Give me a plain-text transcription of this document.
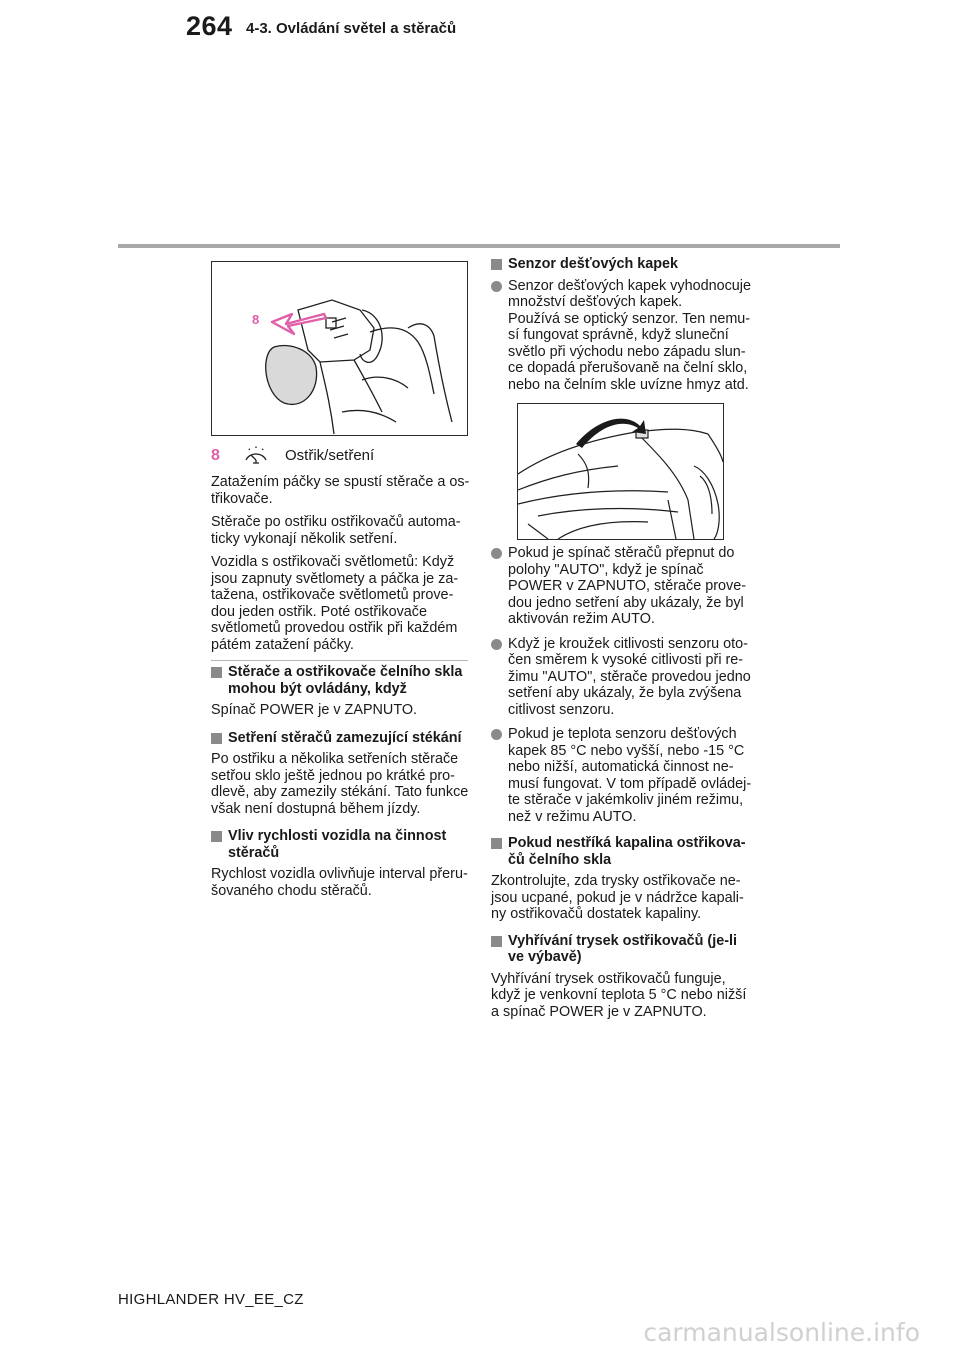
264 4-3. Ovládání světel a stěračů
8
8	Ostřik/setření

Zatažením páčky se spustí stěrače a os-
třikovače.

Stěrače po ostřiku ostřikovačů automa-
ticky vykonají několik setření.

Vozidla s ostřikovači světlometů: Když
jsou zapnuty světlomety a páčka je za-
tažena, ostřikovače světlometů prove-
dou jeden ostřik. Poté ostřikovače
světlometů provedou ostřik při každém
pátém zatažení páčky.

Stěrače a ostřikovače čelního skla
mohou být ovládány, když

Spínač POWER je v ZAPNUTO.

Setření stěračů zamezující stékání

Po ostřiku a několika setřeních stěrače
setřou sklo ještě jednou po krátké pro-
dlevě, aby zamezily stékání. Tato funkce
však není dostupná během jízdy.

Vliv rychlosti vozidla na činnost
stěračů

Rychlost vozidla ovlivňuje interval přeru-
šovaného chodu stěračů.

Senzor dešťových kapek

Senzor dešťových kapek vyhodnocuje
množství dešťových kapek.
Používá se optický senzor. Ten nemu-
sí fungovat správně, když sluneční
světlo při východu nebo západu slun-
ce dopadá přerušovaně na čelní sklo,
nebo na čelním skle uvízne hmyz atd.

Pokud je spínač stěračů přepnut do
polohy "AUTO", když je spínač
POWER v ZAPNUTO, stěrače prove-
dou jedno setření aby ukázaly, že byl
aktivován režim AUTO.

Když je kroužek citlivosti senzoru oto-
čen směrem k vysoké citlivosti při re-
žimu "AUTO", stěrače provedou jedno
setření aby ukázaly, že byla zvýšena
citlivost senzoru.

Pokud je teplota senzoru dešťových
kapek 85 °C nebo vyšší, nebo -15 °C
nebo nižší, automatická činnost ne-
musí fungovat. V tom případě ovládej-
te stěrače v jakémkoliv jiném režimu,
než v režimu AUTO.

Pokud nestříká kapalina ostřikova-
čů čelního skla

Zkontrolujte, zda trysky ostřikovače ne-
jsou ucpané, pokud je v nádržce kapali-
ny ostřikovačů dostatek kapaliny.

Vyhřívání trysek ostřikovačů (je-li
ve výbavě)

Vyhřívání trysek ostřikovačů funguje,
když je venkovní teplota 5 °C nebo nižší
a spínač POWER je v ZAPNUTO.

HIGHLANDER HV_EE_CZ
carmanualsonline.info
